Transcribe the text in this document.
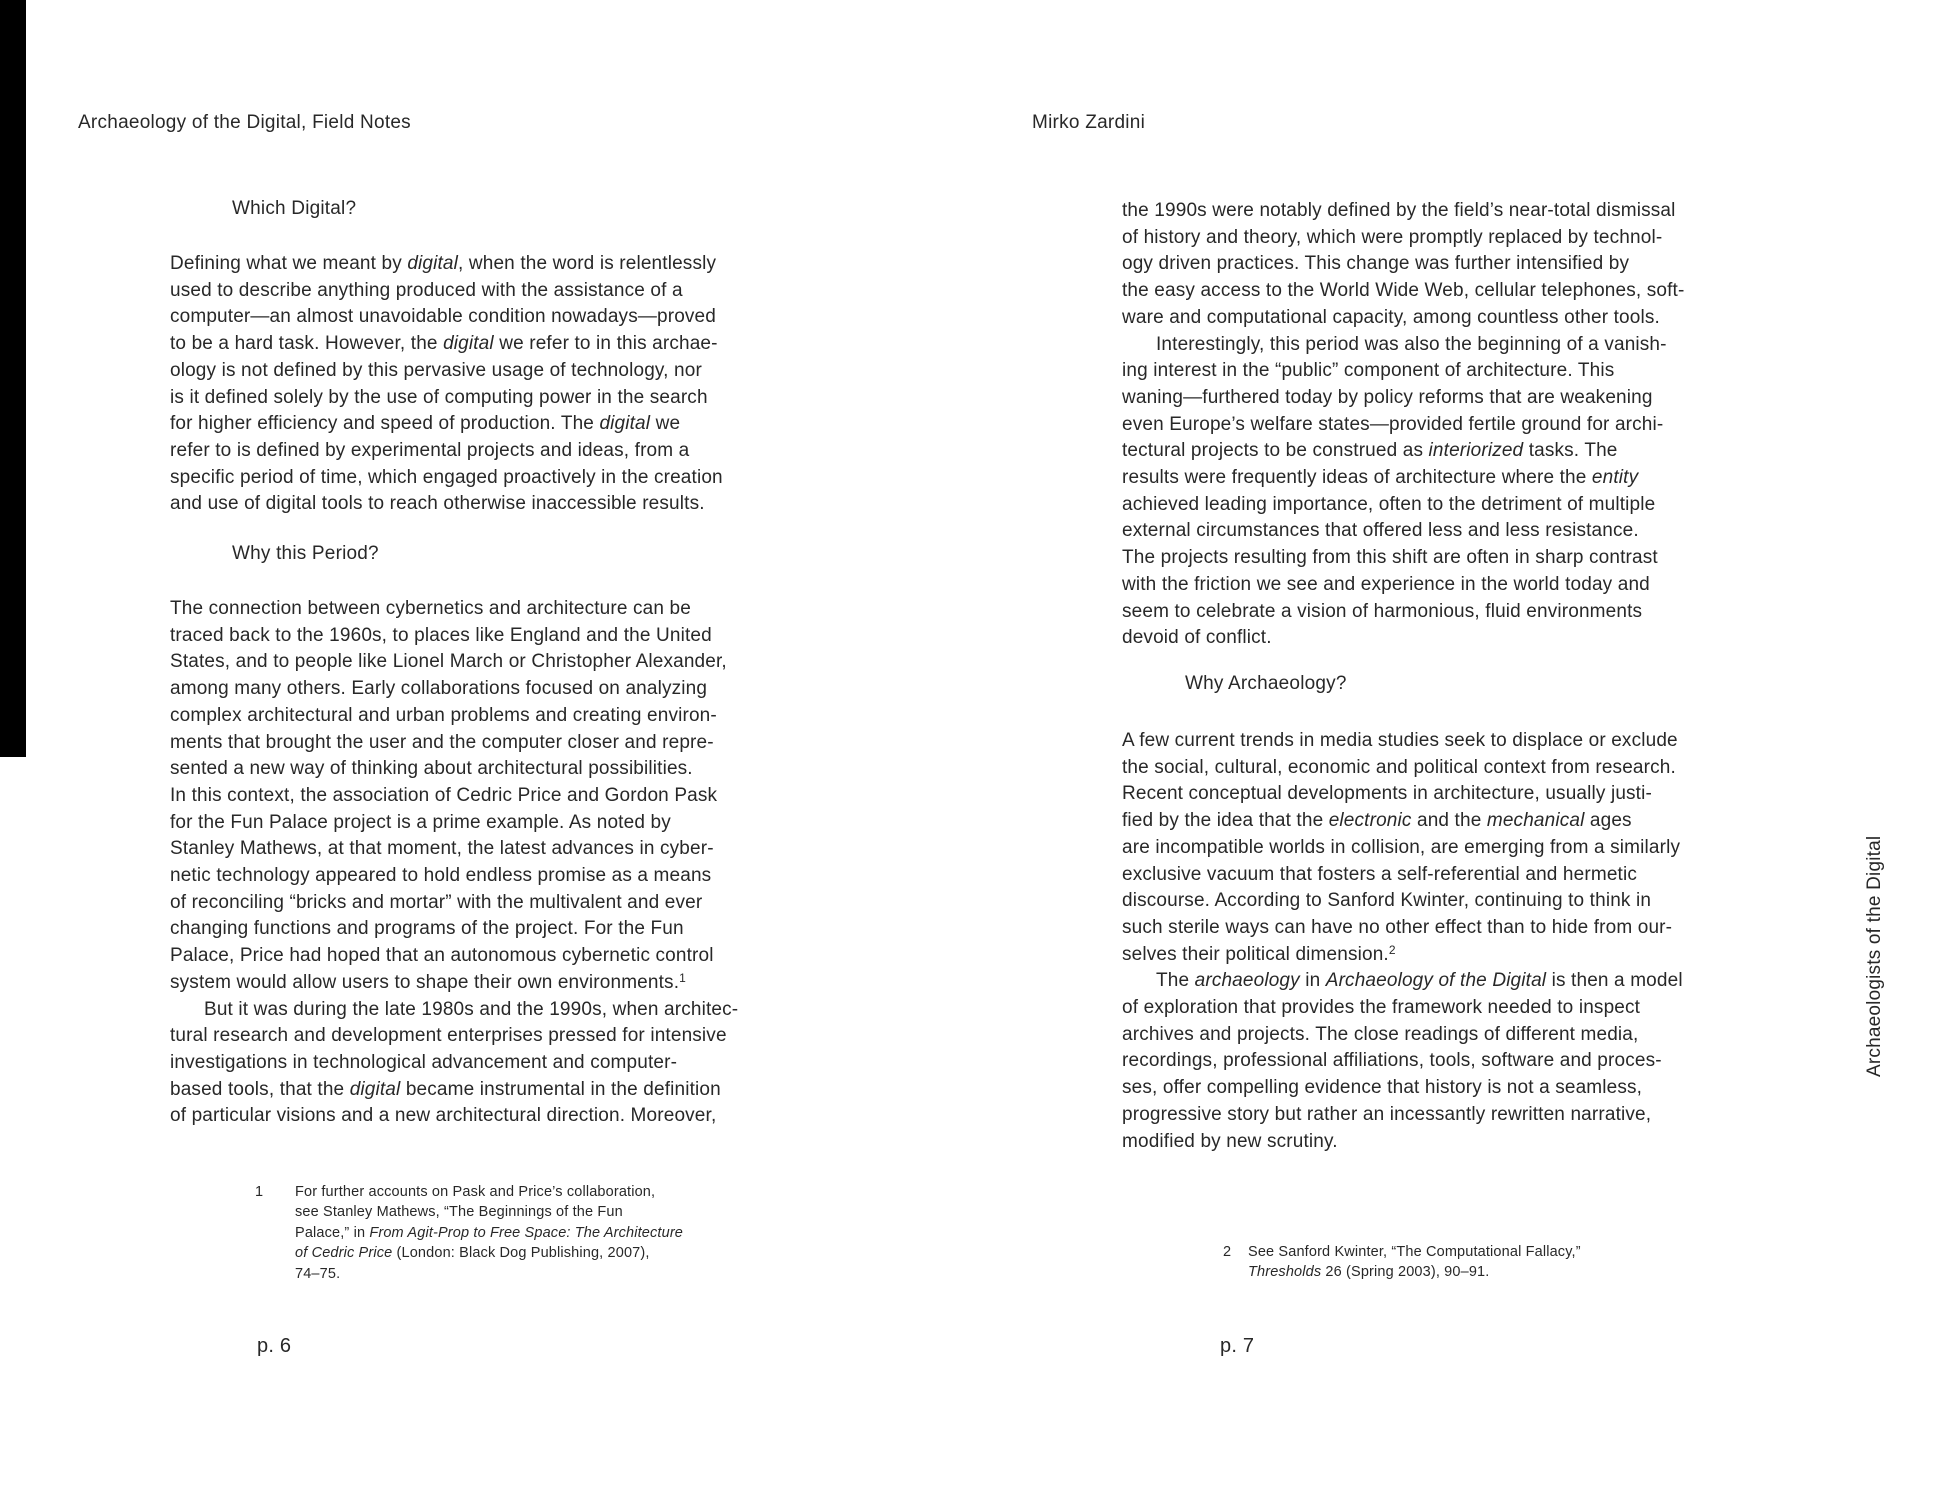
Archaeology of the Digital, Field Notes	Mirko Zardini
Which Digital?
Defining what we meant by digital, when the word is relentlessly
used to describe anything produced with the assistance of a
computer—an almost unavoidable condition nowadays—proved
to be a hard task. However, the digital we refer to in this archae-
ology is not defined by this pervasive usage of technology, nor
is it defined solely by the use of computing power in the search
for higher efficiency and speed of production. The digital we
refer to is defined by experimental projects and ideas, from a
specific period of time, which engaged proactively in the creation
and use of digital tools to reach otherwise inaccessible results.
Why this Period?
The connection between cybernetics and architecture can be
traced back to the 1960s, to places like England and the United
States, and to people like Lionel March or Christopher Alexander,
among many others. Early collaborations focused on analyzing
complex architectural and urban problems and creating environ-
ments that brought the user and the computer closer and repre-
sented a new way of thinking about architectural possibilities.
In this context, the association of Cedric Price and Gordon Pask
for the Fun Palace project is a prime example. As noted by
Stanley Mathews, at that moment, the latest advances in cyber-
netic technology appeared to hold endless promise as a means
of reconciling “bricks and mortar” with the multivalent and ever
changing functions and programs of the project. For the Fun
Palace, Price had hoped that an autonomous cybernetic control
system would allow users to shape their own environments.$^1$
But it was during the late 1980s and the 1990s, when architec-
tural research and development enterprises pressed for intensive
investigations in technological advancement and computer-
based tools, that the digital became instrumental in the definition
of particular visions and a new architectural direction. Moreover,
1 For further accounts on Pask and Price’s collaboration,
see Stanley Mathews, “The Beginnings of the Fun
Palace,” in From Agit-Prop to Free Space: The Architecture
of Cedric Price (London: Black Dog Publishing, 2007),
74–75.
p. 6
the 1990s were notably defined by the field’s near-total dismissal
of history and theory, which were promptly replaced by technol-
ogy driven practices. This change was further intensified by
the easy access to the World Wide Web, cellular telephones, soft-
ware and computational capacity, among countless other tools.
Interestingly, this period was also the beginning of a vanish-
ing interest in the “public” component of architecture. This
waning—furthered today by policy reforms that are weakening
even Europe’s welfare states—provided fertile ground for archi-
tectural projects to be construed as interiorized tasks. The
results were frequently ideas of architecture where the entity
achieved leading importance, often to the detriment of multiple
external circumstances that offered less and less resistance.
The projects resulting from this shift are often in sharp contrast
with the friction we see and experience in the world today and
seem to celebrate a vision of harmonious, fluid environments
devoid of conflict.
Why Archaeology?
A few current trends in media studies seek to displace or exclude
the social, cultural, economic and political context from research.
Recent conceptual developments in architecture, usually justi-
fied by the idea that the electronic and the mechanical ages
are incompatible worlds in collision, are emerging from a similarly
exclusive vacuum that fosters a self-referential and hermetic
discourse. According to Sanford Kwinter, continuing to think in
such sterile ways can have no other effect than to hide from our-
selves their political dimension.$^2$
The archaeology in Archaeology of the Digital is then a model
of exploration that provides the framework needed to inspect
archives and projects. The close readings of different media,
recordings, professional affiliations, tools, software and proces-
ses, offer compelling evidence that history is not a seamless,
progressive story but rather an incessantly rewritten narrative,
modified by new scrutiny.
2 See Sanford Kwinter, “The Computational Fallacy,”
Thresholds 26 (Spring 2003), 90–91.
p. 7
Archaeologists of the Digital
